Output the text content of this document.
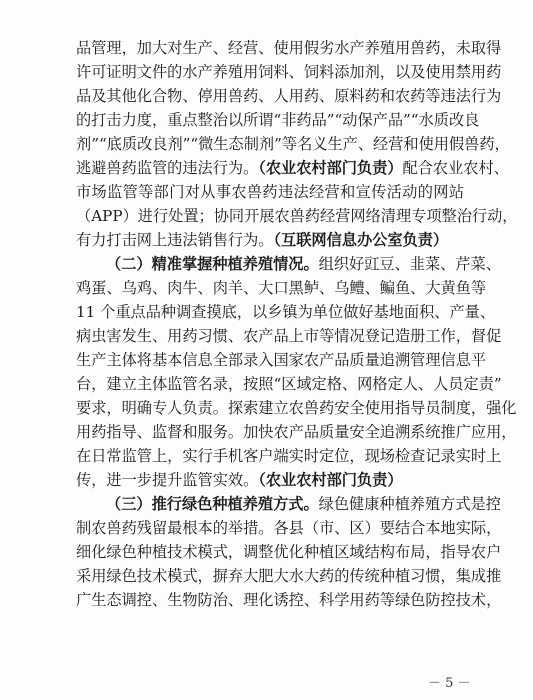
品管理，加大对生产、经营、使用假劣水产养殖用兽药，未取得
许可证明文件的水产养殖用饲料、饲料添加剂，以及使用禁用药
品及其他化合物、停用兽药、人用药、原料药和农药等违法行为
的打击力度，重点整治以所谓“非药品”“动保产品”“水质改良
剂”“底质改良剂”“微生态制剂”等名义生产、经营和使用假兽药，
逃避兽药监管的违法行为。（农业农村部门负责）配合农业农村、
市场监管等部门对从事农兽药违法经营和宣传活动的网站
（APP）进行处置；协同开展农兽药经营网络清理专项整治行动，
有力打击网上违法销售行为。（互联网信息办公室负责）
（二）精准掌握种植养殖情况。组织好豇豆、韭菜、芹菜、
鸡蛋、乌鸡、肉牛、肉羊、大口黑鲈、乌鳢、鳊鱼、大黄鱼等
11 个重点品种调查摸底，以乡镇为单位做好基地面积、产量、
病虫害发生、用药习惯、农产品上市等情况登记造册工作，督促
生产主体将基本信息全部录入国家农产品质量追溯管理信息平
台，建立主体监管名录，按照“区域定格、网格定人、人员定责”
要求，明确专人负责。探索建立农兽药安全使用指导员制度，强化
用药指导、监督和服务。加快农产品质量安全追溯系统推广应用，
在日常监管上，实行手机客户端实时定位，现场检查记录实时上
传，进一步提升监管实效。（农业农村部门负责）
（三）推行绿色种植养殖方式。绿色健康种植养殖方式是控
制农兽药残留最根本的举措。各县（市、区）要结合本地实际，
细化绿色种植技术模式，调整优化种植区域结构布局，指导农户
采用绿色技术模式，摒弃大肥大水大药的传统种植习惯，集成推
广生态调控、生物防治、理化诱控、科学用药等绿色防控技术，
－ 5 －
